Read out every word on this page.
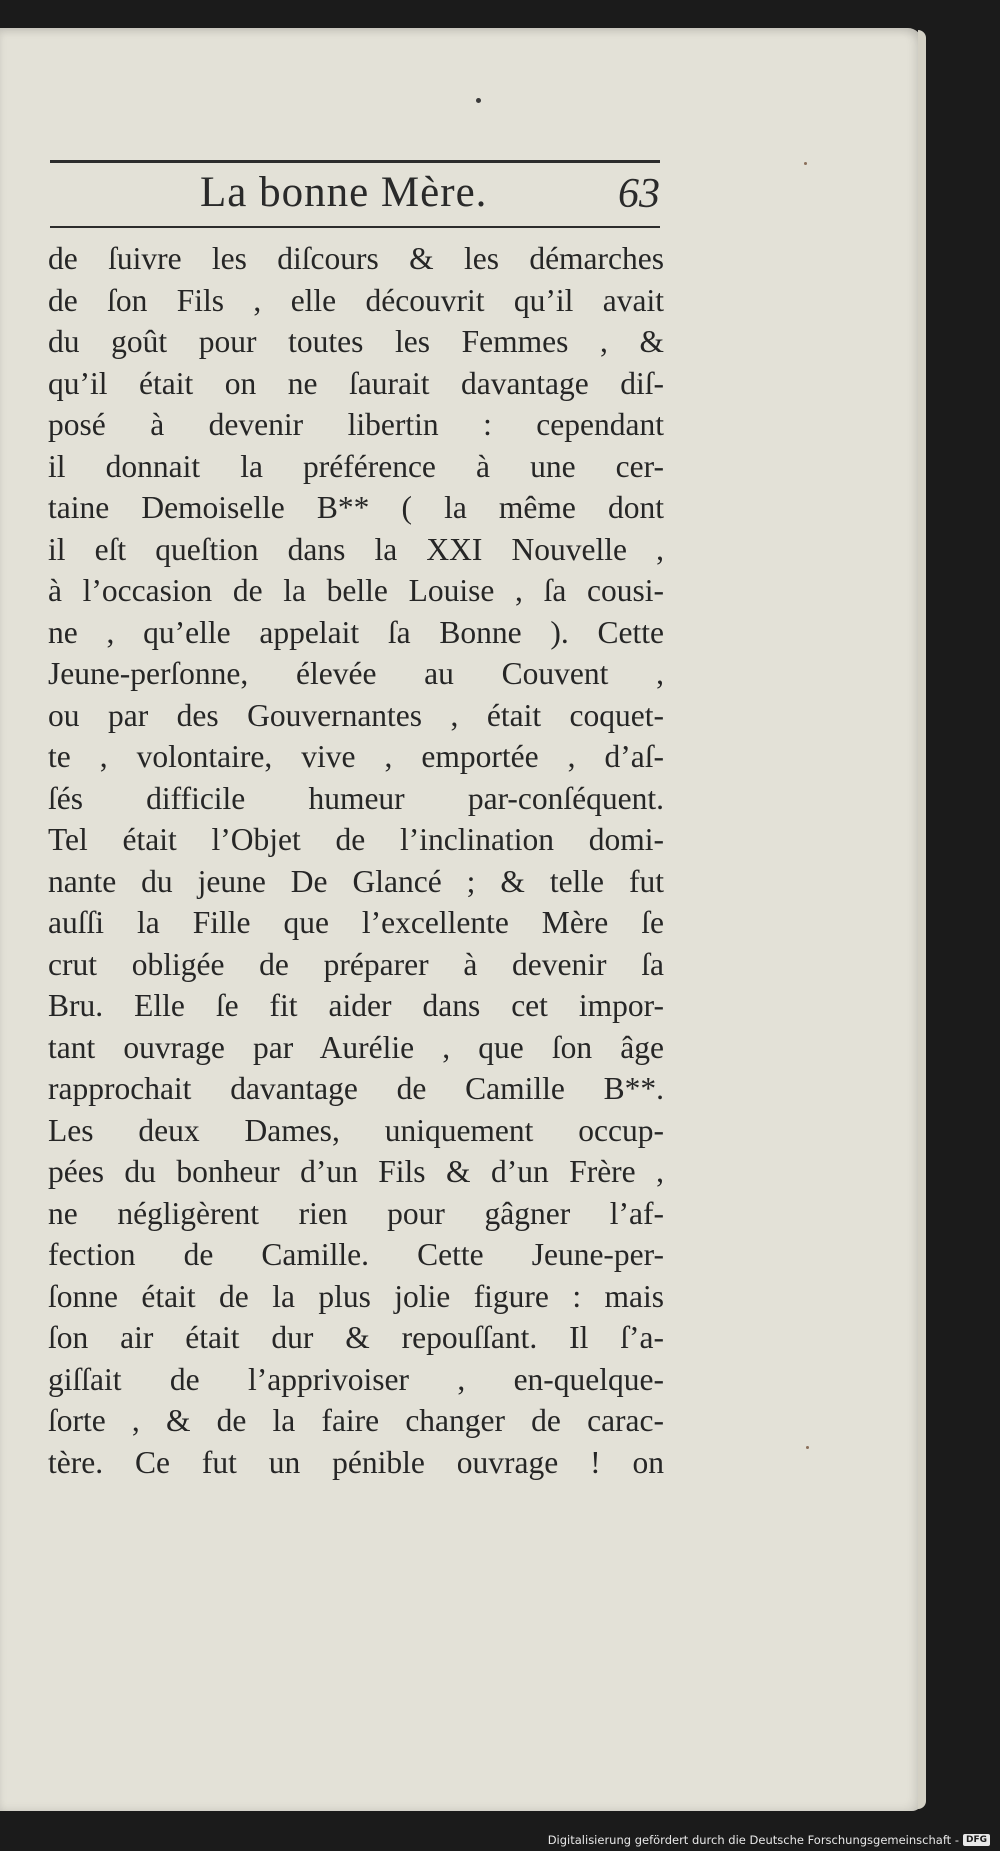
La bonne Mère.	63
de ſuivre les diſcours & les démarches
de ſon Fils , elle découvrit qu’il avait
du goût pour toutes les Femmes , &
qu’il était on ne ſaurait davantage diſ-
posé à devenir libertin : cependant
il donnait la préférence à une cer-
taine Demoiselle B** ( la même dont
il eſt queſtion dans la XXI Nouvelle ,
à l’occasion de la belle Louise , ſa cousi-
ne , qu’elle appelait ſa Bonne ). Cette
Jeune-perſonne, élevée au Couvent ,
ou par des Gouvernantes , était coquet-
te , volontaire, vive , emportée , d’aſ-
ſés difficile humeur par-conſéquent.
Tel était l’Objet de l’inclination domi-
nante du jeune De Glancé ; & telle fut
auſſi la Fille que l’excellente Mère ſe
crut obligée de préparer à devenir ſa
Bru. Elle ſe fit aider dans cet impor-
tant ouvrage par Aurélie , que ſon âge
rapprochait davantage de Camille B**.
Les deux Dames, uniquement occup-
pées du bonheur d’un Fils & d’un Frère ,
ne négligèrent rien pour gâgner l’af-
fection de Camille. Cette Jeune-per-
ſonne était de la plus jolie figure : mais
ſon air était dur & repouſſant. Il ſ’a-
giſſait de l’apprivoiser , en-quelque-
ſorte , & de la faire changer de carac-
tère. Ce fut un pénible ouvrage ! on
Digitalisierung gefördert durch die Deutsche Forschungsgemeinschaft - DFG
